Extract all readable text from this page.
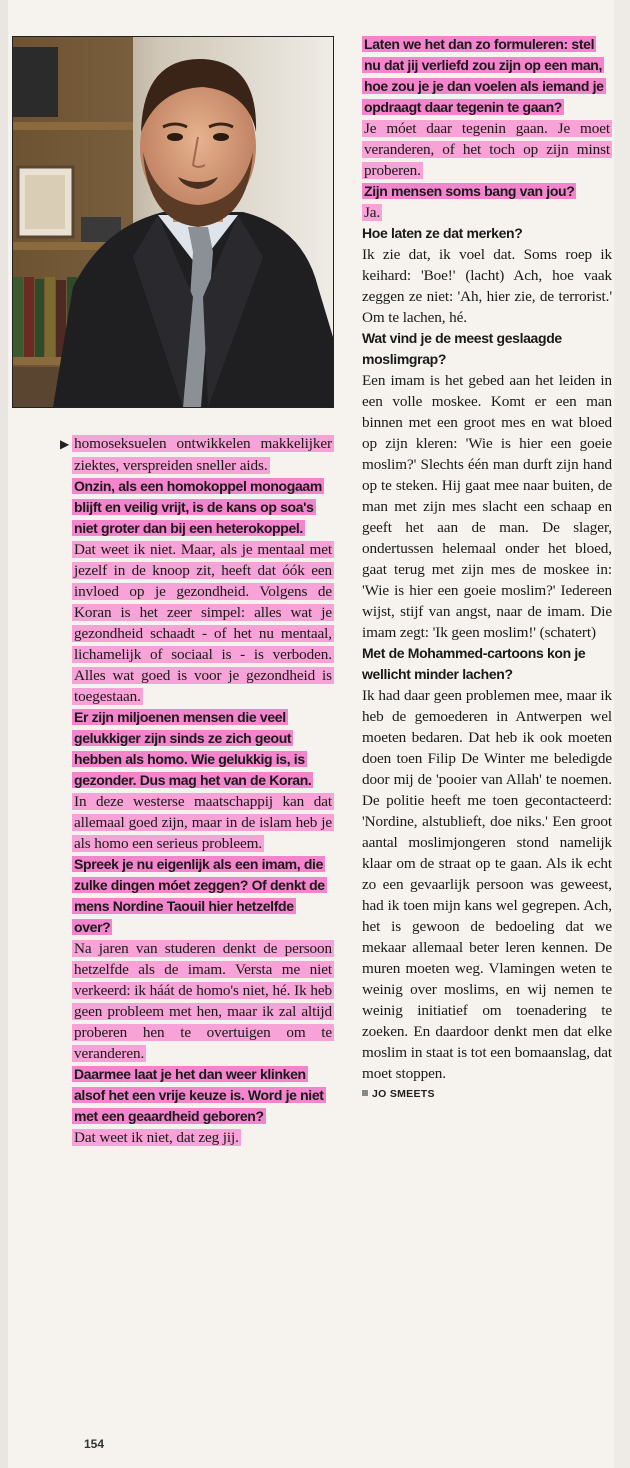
▶ homoseksuelen ontwikkelen makkelijker ziektes, verspreiden sneller aids.

Onzin, als een homokoppel monogaam blijft en veilig vrijt, is de kans op soa's niet groter dan bij een heterokoppel.

Dat weet ik niet. Maar, als je mentaal met jezelf in de knoop zit, heeft dat óók een invloed op je gezondheid. Volgens de Koran is het zeer simpel: alles wat je gezondheid schaadt - of het nu mentaal, lichamelijk of sociaal is - is verboden. Alles wat goed is voor je gezondheid is toegestaan.

Er zijn miljoenen mensen die veel gelukkiger zijn sinds ze zich geout hebben als homo. Wie gelukkig is, is gezonder. Dus mag het van de Koran.

In deze westerse maatschappij kan dat allemaal goed zijn, maar in de islam heb je als homo een serieus probleem.

Spreek je nu eigenlijk als een imam, die zulke dingen móet zeggen? Of denkt de mens Nordine Taouil hier hetzelfde over?

Na jaren van studeren denkt de persoon hetzelfde als de imam. Versta me niet verkeerd: ik háát de homo's niet, hé. Ik heb geen probleem met hen, maar ik zal altijd proberen hen te overtuigen om te veranderen.

Daarmee laat je het dan weer klinken alsof het een vrije keuze is. Word je niet met een geaardheid geboren?

Dat weet ik niet, dat zeg jij.

Laten we het dan zo formuleren: stel nu dat jij verliefd zou zijn op een man, hoe zou je je dan voelen als iemand je opdraagt daar tegenin te gaan?

Je móet daar tegenin gaan. Je moet veranderen, of het toch op zijn minst proberen.

Zijn mensen soms bang van jou?

Ja.

Hoe laten ze dat merken?

Ik zie dat, ik voel dat. Soms roep ik keihard: 'Boe!' (lacht) Ach, hoe vaak zeggen ze niet: 'Ah, hier zie, de terrorist.' Om te lachen, hé.

Wat vind je de meest geslaagde moslimgrap?

Een imam is het gebed aan het leiden in een volle moskee. Komt er een man binnen met een groot mes en wat bloed op zijn kleren: 'Wie is hier een goeie moslim?' Slechts één man durft zijn hand op te steken. Hij gaat mee naar buiten, de man met zijn mes slacht een schaap en geeft het aan de man. De slager, ondertussen helemaal onder het bloed, gaat terug met zijn mes de moskee in: 'Wie is hier een goeie moslim?' Iedereen wijst, stijf van angst, naar de imam. Die imam zegt: 'Ik geen moslim!' (schatert)

Met de Mohammed-cartoons kon je wellicht minder lachen?

Ik had daar geen problemen mee, maar ik heb de gemoederen in Antwerpen wel moeten bedaren. Dat heb ik ook moeten doen toen Filip De Winter me beledigde door mij de 'pooier van Allah' te noemen. De politie heeft me toen gecontacteerd: 'Nordine, alstublieft, doe niks.' Een groot aantal moslimjongeren stond namelijk klaar om de straat op te gaan. Als ik echt zo een gevaarlijk persoon was geweest, had ik toen mijn kans wel gegrepen. Ach, het is gewoon de bedoeling dat we mekaar allemaal beter leren kennen. De muren moeten weg. Vlamingen weten te weinig over moslims, en wij nemen te weinig initiatief om toenadering te zoeken. En daardoor denkt men dat elke moslim in staat is tot een bomaanslag, dat moet stoppen.

JO SMEETS
154
